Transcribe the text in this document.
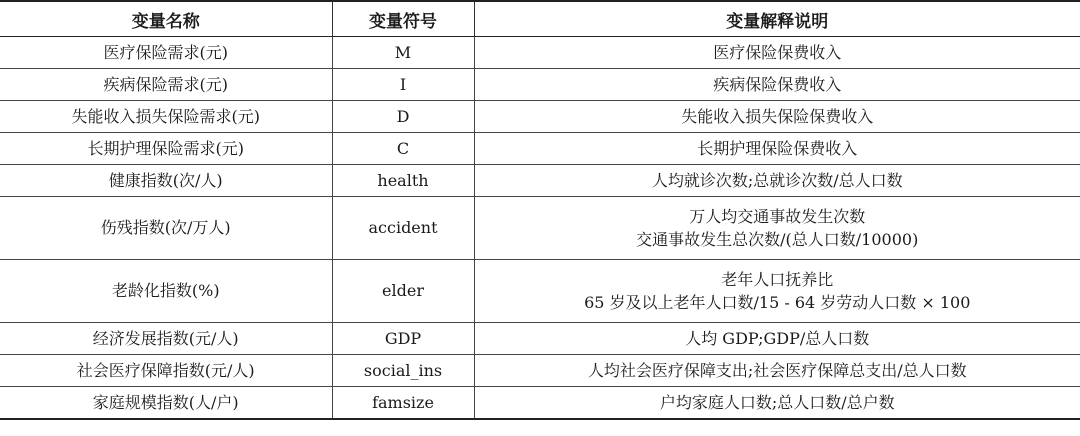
变量名称	变量符号	变量解释说明
医疗保险需求(元)	M	医疗保险保费收入

疾病保险需求(元)	I	疾病保险保费收入

失能收入损失保险需求(元)	D	失能收入损失保险保费收入

长期护理保险需求(元)	C	长期护理保险保费收入

健康指数(次/人)	health	人均就诊次数;总就诊次数/总人口数

伤残指数(次/万人)	accident	万人均交通事故发生次数
交通事故发生总次数/(总人口数/10000)

老龄化指数(%)	elder	老年人口抚养比
65 岁及以上老年人口数/15 - 64 岁劳动人口数 × 100

经济发展指数(元/人)	GDP	人均 GDP;GDP/总人口数

社会医疗保障指数(元/人)	social_ins	人均社会医疗保障支出;社会医疗保障总支出/总人口数

家庭规模指数(人/户)	famsize	户均家庭人口数;总人口数/总户数
